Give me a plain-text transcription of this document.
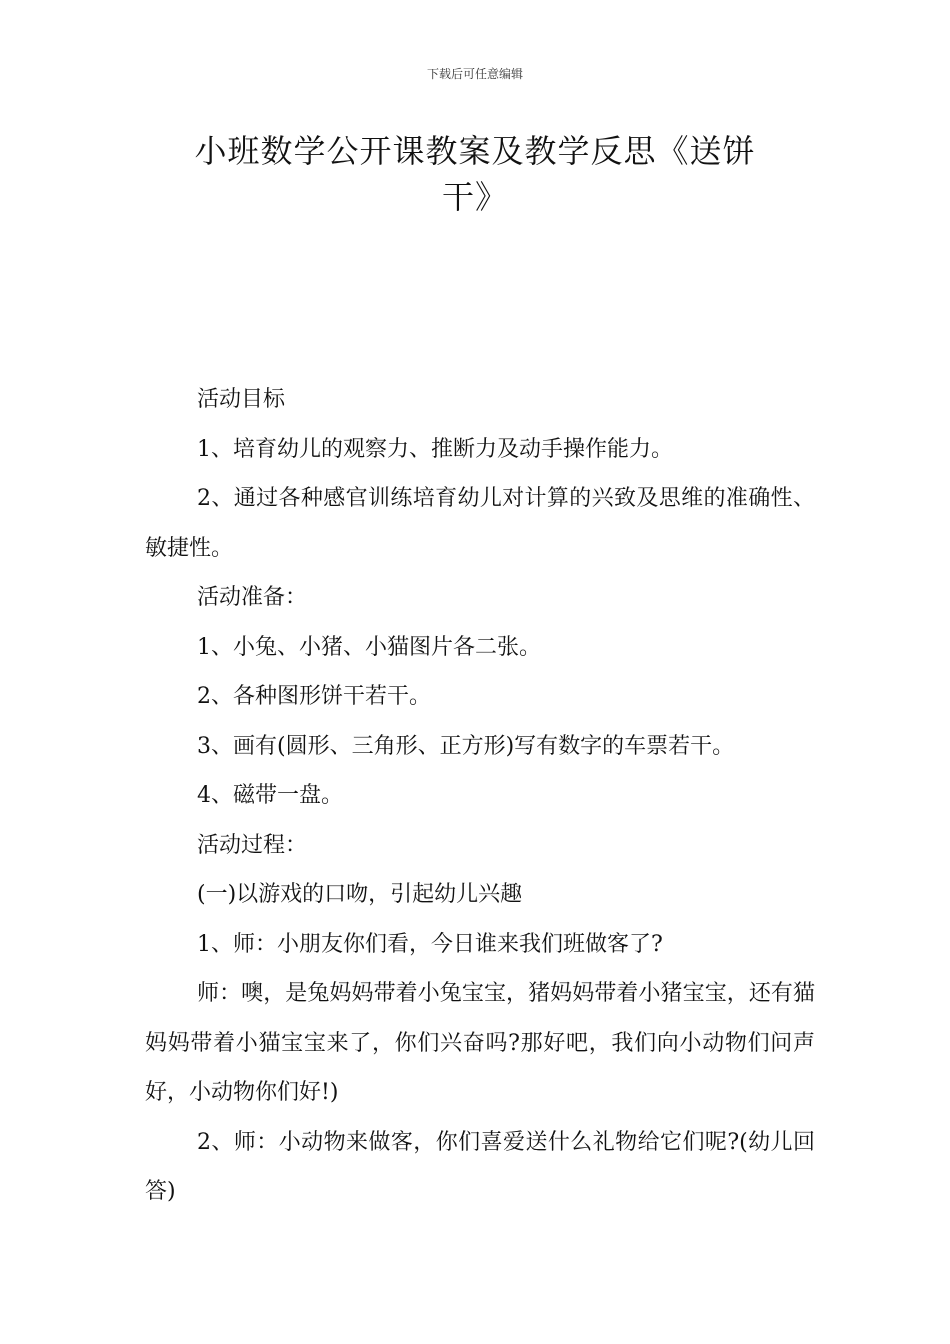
下载后可任意编辑
小班数学公开课教案及教学反思《送饼
干》

活动目标

1、培育幼儿的观察力、推断力及动手操作能力。

2、通过各种感官训练培育幼儿对计算的兴致及思维的准确性、敏捷性。

活动准备：

1、小兔、小猪、小猫图片各二张。

2、各种图形饼干若干。

3、画有(圆形、三角形、正方形)写有数字的车票若干。

4、磁带一盘。

活动过程：

(一)以游戏的口吻，引起幼儿兴趣

1、师：小朋友你们看，今日谁来我们班做客了?

师：噢，是兔妈妈带着小兔宝宝，猪妈妈带着小猪宝宝，还有猫妈妈带着小猫宝宝来了，你们兴奋吗?那好吧，我们向小动物们问声好，小动物你们好!)

2、师：小动物来做客，你们喜爱送什么礼物给它们呢?(幼儿回答)
